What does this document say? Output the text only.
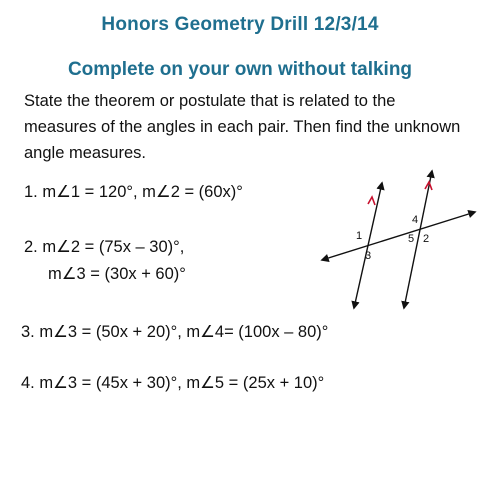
Honors Geometry Drill 12/3/14
Complete on your own without talking
State the theorem or postulate that is related to the measures of the angles in each pair. Then find the unknown angle measures.
1. m∠1 = 120°, m∠2 = (60x)°
2. m∠2 = (75x – 30)°,
m∠3 = (30x + 60)°
3. m∠3 = (50x + 20)°, m∠4= (100x – 80)°
4. m∠3 = (45x + 30)°, m∠5 = (25x + 10)°
1
3
4
5 2
